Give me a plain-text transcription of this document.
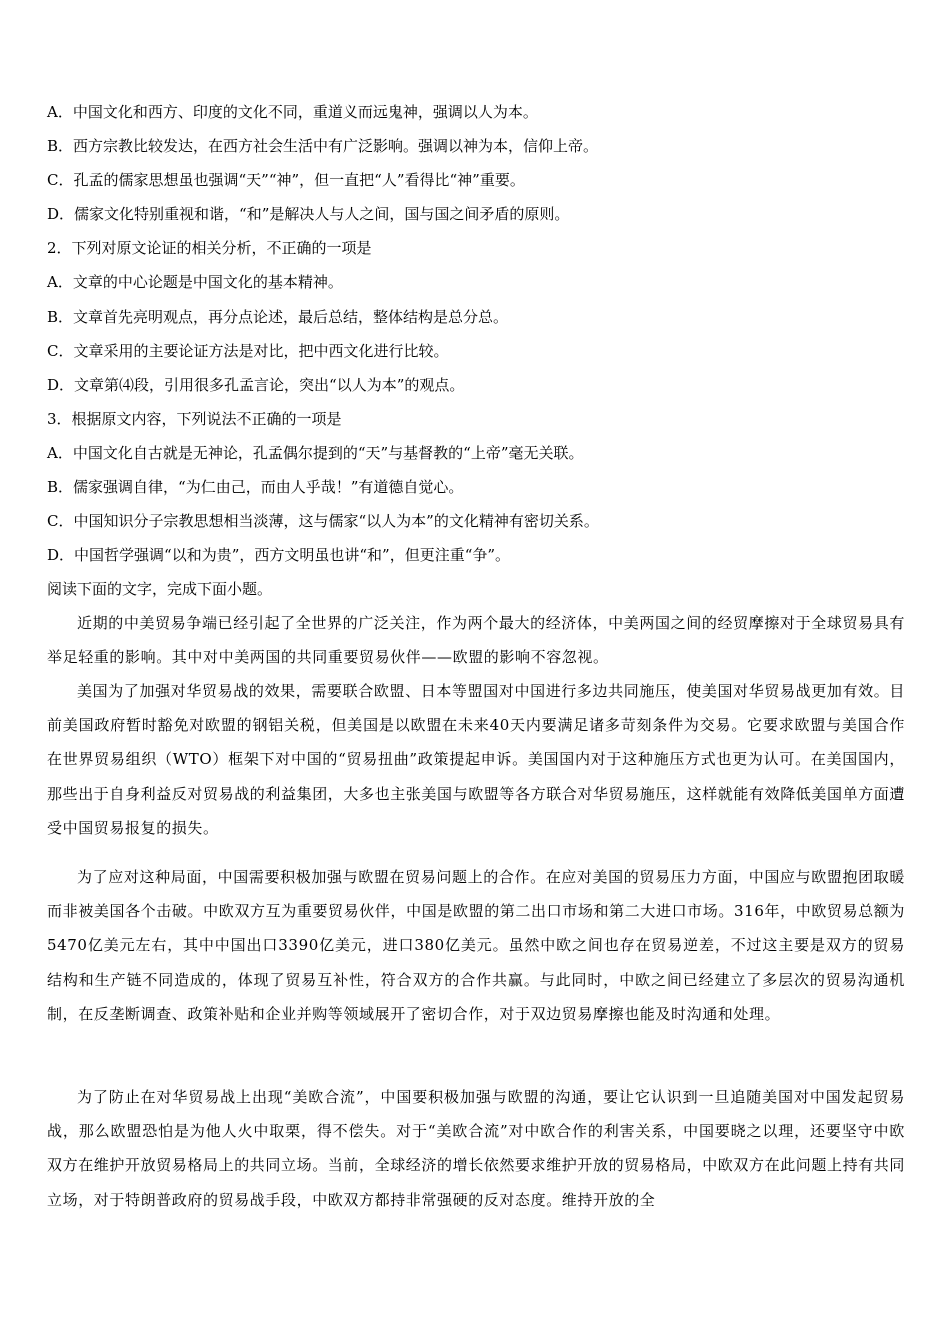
A．中国文化和西方、印度的文化不同，重道义而远鬼神，强调以人为本。

B．西方宗教比较发达，在西方社会生活中有广泛影响。强调以神为本，信仰上帝。

C．孔孟的儒家思想虽也强调“天”“神”，但一直把“人”看得比“神”重要。

D．儒家文化特别重视和谐，“和”是解决人与人之间，国与国之间矛盾的原则。

2．下列对原文论证的相关分析，不正确的一项是

A．文章的中心论题是中国文化的基本精神。

B．文章首先亮明观点，再分点论述，最后总结，整体结构是总分总。

C．文章采用的主要论证方法是对比，把中西文化进行比较。

D．文章第⑷段，引用很多孔孟言论，突出“以人为本”的观点。

3．根据原文内容，下列说法不正确的一项是

A．中国文化自古就是无神论，孔孟偶尔提到的“天”与基督教的“上帝”毫无关联。

B．儒家强调自律，“为仁由己，而由人乎哉！”有道德自觉心。

C．中国知识分子宗教思想相当淡薄，这与儒家“以人为本”的文化精神有密切关系。

D．中国哲学强调“以和为贵”，西方文明虽也讲“和”，但更注重“争”。

阅读下面的文字，完成下面小题。

近期的中美贸易争端已经引起了全世界的广泛关注，作为两个最大的经济体，中美两国之间的经贸摩擦对于全球贸易具有举足轻重的影响。其中对中美两国的共同重要贸易伙伴——欧盟的影响不容忽视。

美国为了加强对华贸易战的效果，需要联合欧盟、日本等盟国对中国进行多边共同施压，使美国对华贸易战更加有效。目前美国政府暂时豁免对欧盟的钢铝关税，但美国是以欧盟在未来40天内要满足诸多苛刻条件为交易。它要求欧盟与美国合作在世界贸易组织（WTO）框架下对中国的“贸易扭曲”政策提起申诉。美国国内对于这种施压方式也更为认可。在美国国内，那些出于自身利益反对贸易战的利益集团，大多也主张美国与欧盟等各方联合对华贸易施压，这样就能有效降低美国单方面遭受中国贸易报复的损失。

为了应对这种局面，中国需要积极加强与欧盟在贸易问题上的合作。在应对美国的贸易压力方面，中国应与欧盟抱团取暖而非被美国各个击破。中欧双方互为重要贸易伙伴，中国是欧盟的第二出口市场和第二大进口市场。316年，中欧贸易总额为5470亿美元左右，其中中国出口3390亿美元，进口380亿美元。虽然中欧之间也存在贸易逆差，不过这主要是双方的贸易结构和生产链不同造成的，体现了贸易互补性，符合双方的合作共赢。与此同时，中欧之间已经建立了多层次的贸易沟通机制，在反垄断调查、政策补贴和企业并购等领域展开了密切合作，对于双边贸易摩擦也能及时沟通和处理。

为了防止在对华贸易战上出现“美欧合流”，中国要积极加强与欧盟的沟通，要让它认识到一旦追随美国对中国发起贸易战，那么欧盟恐怕是为他人火中取栗，得不偿失。对于“美欧合流”对中欧合作的利害关系，中国要晓之以理，还要坚守中欧双方在维护开放贸易格局上的共同立场。当前，全球经济的增长依然要求维护开放的贸易格局，中欧双方在此问题上持有共同立场，对于特朗普政府的贸易战手段，中欧双方都持非常强硬的反对态度。维持开放的全
